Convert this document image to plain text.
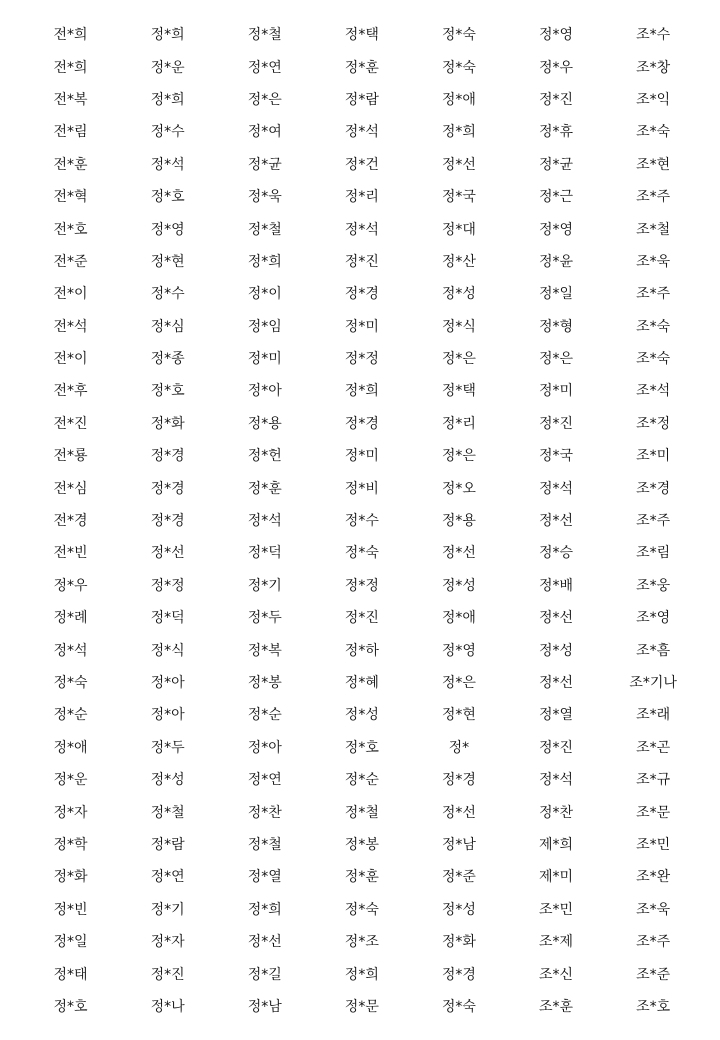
전*희	정*희	정*철	정*택	정*숙	정*영	조*수
전*희	정*운	정*연	정*훈	정*숙	정*우	조*창
전*복	정*희	정*은	정*람	정*애	정*진	조*익
전*림	정*수	정*여	정*석	정*희	정*휴	조*숙
전*훈	정*석	정*균	정*건	정*선	정*균	조*현
전*혁	정*호	정*욱	정*리	정*국	정*근	조*주
전*호	정*영	정*철	정*석	정*대	정*영	조*철
전*준	정*현	정*희	정*진	정*산	정*윤	조*욱
전*이	정*수	정*이	정*경	정*성	정*일	조*주
전*석	정*심	정*임	정*미	정*식	정*형	조*숙
전*이	정*종	정*미	정*정	정*은	정*은	조*숙
전*후	정*호	정*아	정*희	정*택	정*미	조*석
전*진	정*화	정*용	정*경	정*리	정*진	조*정
전*룡	정*경	정*헌	정*미	정*은	정*국	조*미
전*심	정*경	정*훈	정*비	정*오	정*석	조*경
전*경	정*경	정*석	정*수	정*용	정*선	조*주
전*빈	정*선	정*덕	정*숙	정*선	정*승	조*림
정*우	정*정	정*기	정*정	정*성	정*배	조*웅
정*례	정*덕	정*두	정*진	정*애	정*선	조*영
정*석	정*식	정*복	정*하	정*영	정*성	조*흠
정*숙	정*아	정*봉	정*혜	정*은	정*선	조*기나
정*순	정*아	정*순	정*성	정*현	정*열	조*래
정*애	정*두	정*아	정*호	정*	정*진	조*곤
정*운	정*성	정*연	정*순	정*경	정*석	조*규
정*자	정*철	정*찬	정*철	정*선	정*찬	조*문
정*학	정*람	정*철	정*봉	정*남	제*희	조*민
정*화	정*연	정*열	정*훈	정*준	제*미	조*완
정*빈	정*기	정*희	정*숙	정*성	조*민	조*욱
정*일	정*자	정*선	정*조	정*화	조*제	조*주
정*태	정*진	정*길	정*희	정*경	조*신	조*준
정*호	정*나	정*남	정*문	정*숙	조*훈	조*호
